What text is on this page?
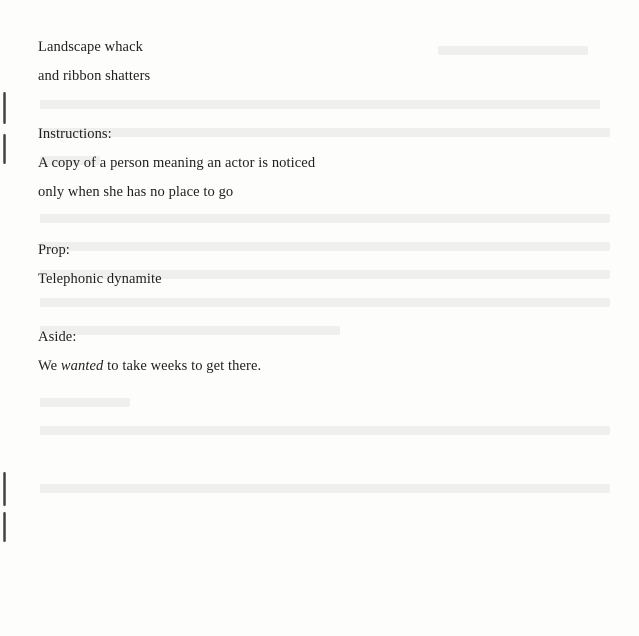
Landscape whack
and ribbon shatters
Instructions:
A copy of a person meaning an actor is noticed
only when she has no place to go
Prop:
Telephonic dynamite
Aside:
We wanted to take weeks to get there.
